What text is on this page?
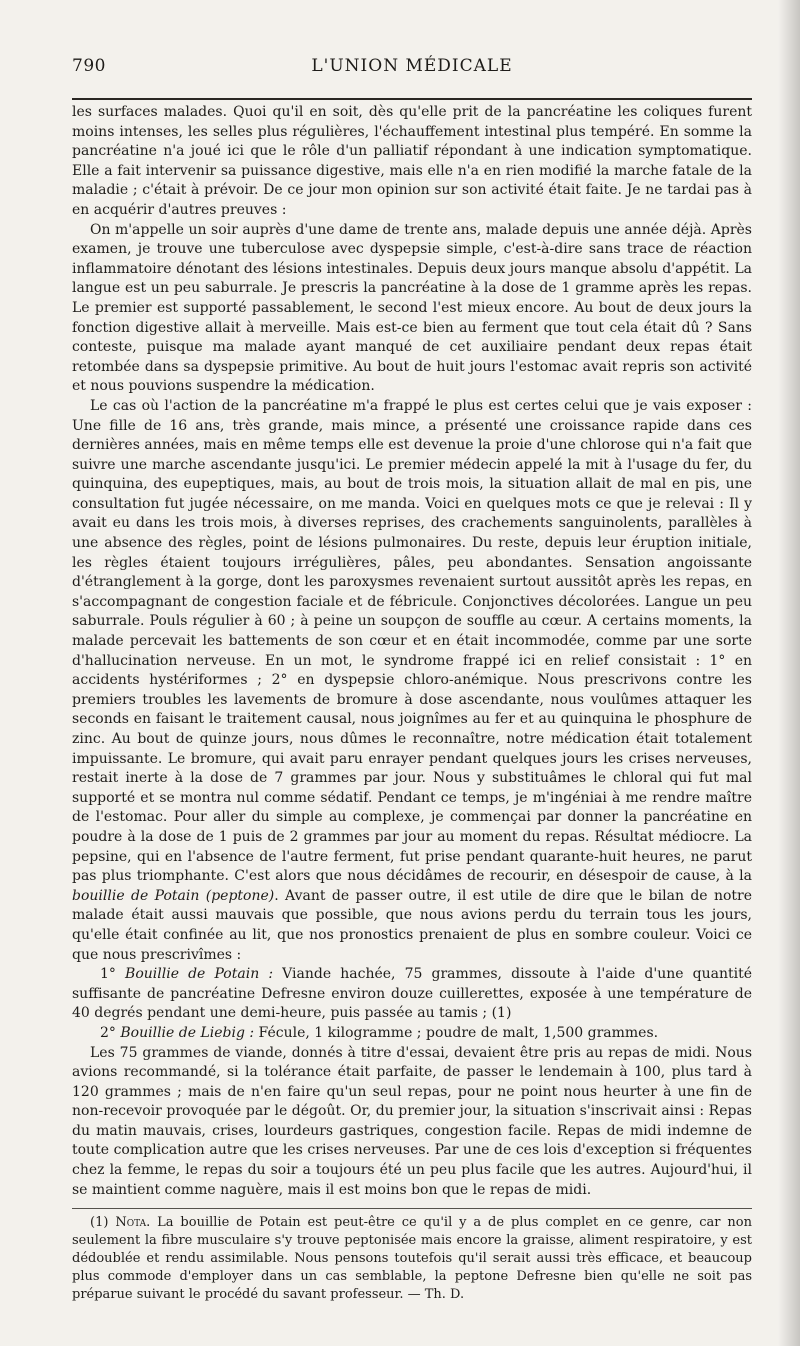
790	L'UNION MÉDICALE

les surfaces malades. Quoi qu'il en soit, dès qu'elle prit de la pancréatine les coliques furent moins intenses, les selles plus régulières, l'échauffement intestinal plus tempéré. En somme la pancréatine n'a joué ici que le rôle d'un palliatif répondant à une indication symptomatique. Elle a fait intervenir sa puissance digestive, mais elle n'a en rien modifié la marche fatale de la maladie ; c'était à prévoir. De ce jour mon opinion sur son activité était faite. Je ne tardai pas à en acquérir d'autres preuves :

On m'appelle un soir auprès d'une dame de trente ans, malade depuis une année déjà. Après examen, je trouve une tuberculose avec dyspepsie simple, c'est-à-dire sans trace de réaction inflammatoire dénotant des lésions intestinales. Depuis deux jours manque absolu d'appétit. La langue est un peu saburrale. Je prescris la pancréatine à la dose de 1 gramme après les repas. Le premier est supporté passablement, le second l'est mieux encore. Au bout de deux jours la fonction digestive allait à merveille. Mais est-ce bien au ferment que tout cela était dû ? Sans conteste, puisque ma malade ayant manqué de cet auxiliaire pendant deux repas était retombée dans sa dyspepsie primitive. Au bout de huit jours l'estomac avait repris son activité et nous pouvions suspendre la médication.

Le cas où l'action de la pancréatine m'a frappé le plus est certes celui que je vais exposer : Une fille de 16 ans, très grande, mais mince, a présenté une croissance rapide dans ces dernières années, mais en même temps elle est devenue la proie d'une chlorose qui n'a fait que suivre une marche ascendante jusqu'ici. Le premier médecin appelé la mit à l'usage du fer, du quinquina, des eupeptiques, mais, au bout de trois mois, la situation allait de mal en pis, une consultation fut jugée nécessaire, on me manda. Voici en quelques mots ce que je relevai : Il y avait eu dans les trois mois, à diverses reprises, des crachements sanguinolents, parallèles à une absence des règles, point de lésions pulmonaires. Du reste, depuis leur éruption initiale, les règles étaient toujours irrégulières, pâles, peu abondantes. Sensation angoissante d'étranglement à la gorge, dont les paroxysmes revenaient surtout aussitôt après les repas, en s'accompagnant de congestion faciale et de fébricule. Conjonctives décolorées. Langue un peu saburrale. Pouls régulier à 60 ; à peine un soupçon de souffle au cœur. A certains moments, la malade percevait les battements de son cœur et en était incommodée, comme par une sorte d'hallucination nerveuse. En un mot, le syndrome frappé ici en relief consistait : 1° en accidents hystériformes ; 2° en dyspepsie chloro-anémique. Nous prescrivons contre les premiers troubles les lavements de bromure à dose ascendante, nous voulûmes attaquer les seconds en faisant le traitement causal, nous joignîmes au fer et au quinquina le phosphure de zinc. Au bout de quinze jours, nous dûmes le reconnaître, notre médication était totalement impuissante. Le bromure, qui avait paru enrayer pendant quelques jours les crises nerveuses, restait inerte à la dose de 7 grammes par jour. Nous y substituâmes le chloral qui fut mal supporté et se montra nul comme sédatif. Pendant ce temps, je m'ingéniai à me rendre maître de l'estomac. Pour aller du simple au complexe, je commençai par donner la pancréatine en poudre à la dose de 1 puis de 2 grammes par jour au moment du repas. Résultat médiocre. La pepsine, qui en l'absence de l'autre ferment, fut prise pendant quarante-huit heures, ne parut pas plus triomphante. C'est alors que nous décidâmes de recourir, en désespoir de cause, à la bouillie de Potain (peptone). Avant de passer outre, il est utile de dire que le bilan de notre malade était aussi mauvais que possible, que nous avions perdu du terrain tous les jours, qu'elle était confinée au lit, que nos pronostics prenaient de plus en sombre couleur. Voici ce que nous prescrivîmes :

1° Bouillie de Potain : Viande hachée, 75 grammes, dissoute à l'aide d'une quantité suffisante de pancréatine Defresne environ douze cuillerettes, exposée à une température de 40 degrés pendant une demi-heure, puis passée au tamis ; (1)

2° Bouillie de Liebig : Fécule, 1 kilogramme ; poudre de malt, 1,500 grammes.

Les 75 grammes de viande, donnés à titre d'essai, devaient être pris au repas de midi. Nous avions recommandé, si la tolérance était parfaite, de passer le lendemain à 100, plus tard à 120 grammes ; mais de n'en faire qu'un seul repas, pour ne point nous heurter à une fin de non-recevoir provoquée par le dégoût. Or, du premier jour, la situation s'inscrivait ainsi : Repas du matin mauvais, crises, lourdeurs gastriques, congestion facile. Repas de midi indemne de toute complication autre que les crises nerveuses. Par une de ces lois d'exception si fréquentes chez la femme, le repas du soir a toujours été un peu plus facile que les autres. Aujourd'hui, il se maintient comme naguère, mais il est moins bon que le repas de midi.

(1) Nota. La bouillie de Potain est peut-être ce qu'il y a de plus complet en ce genre, car non seulement la fibre musculaire s'y trouve peptonisée mais encore la graisse, aliment respiratoire, y est dédoublée et rendu assimilable. Nous pensons toutefois qu'il serait aussi très efficace, et beaucoup plus commode d'employer dans un cas semblable, la peptone Defresne bien qu'elle ne soit pas préparue suivant le procédé du savant professeur. — Th. D.
